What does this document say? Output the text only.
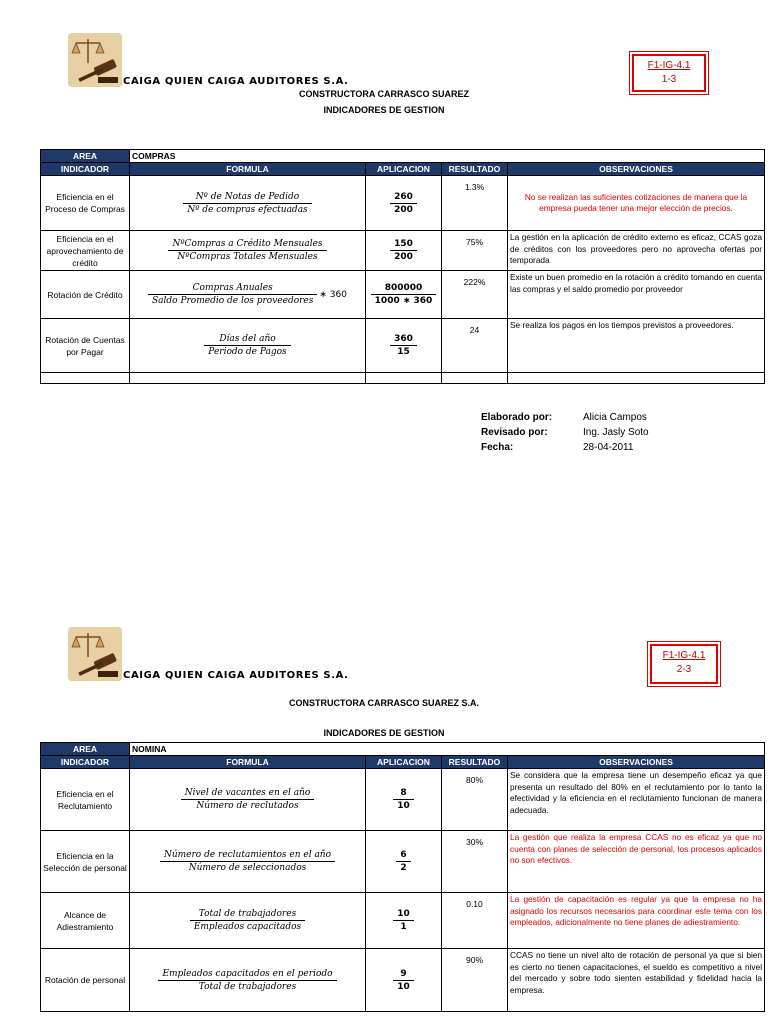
CAIGA QUIEN CAIGA AUDITORES S.A.
CONSTRUCTORA CARRASCO SUAREZ
INDICADORES DE GESTION
F1-IG-4.1
1-3
AREA	COMPRAS			
INDICADOR	FORMULA	APLICACION	RESULTADO	OBSERVACIONES
Eficiencia en el Proceso de Compras	$\frac{\text{Nº de Notas de Pedido}}{\text{Nº de compras efectuadas}}$	$\frac{260}{200}$	1.3%	No se realizan las suficientes cotizaciones de manera que la empresa pueda tener una mejor elección de precios.
Eficiencia en el aprovechamiento de crédito	$\frac{\text{NºCompras a Crédito Mensuales}}{\text{NºCompras Totales Mensuales}}$	$\frac{150}{200}$	75%	La gestión en la aplicación de crédito externo es eficaz, CCAS goza de créditos con los proveedores pero no aprovecha ofertas por temporada
Rotación de Crédito	$\frac{\text{Compras Anuales}}{\text{Saldo Promedio de los proveedores}}$ ∗ 360	$\frac{800000}{1000 ∗ 360}$	222%	Existe un buen promedio en la rotación a crédito tomando en cuenta las compras y el saldo promedio por proveedor
Rotación de Cuentas por Pagar	$\frac{\text{Días del año}}{\text{Periodo de Pagos}}$	$\frac{360}{15}$	24	Se realiza los pagos en los tiempos previstos a proveedores.

Elaborado por:	Alicia Campos
Revisado por:	Ing. Jasly Soto
Fecha:	28-04-2011
CAIGA QUIEN CAIGA AUDITORES S.A.
CONSTRUCTORA CARRASCO SUAREZ S.A.
INDICADORES DE GESTION
F1-IG-4.1
2-3
AREA	NOMINA			
INDICADOR	FORMULA	APLICACION	RESULTADO	OBSERVACIONES
Eficiencia en el Reclutamiento	$\frac{\text{Nivel de vacantes en el año}}{\text{Número de reclutados}}$	$\frac{8}{10}$	80%	Se considera que la empresa tiene un desempeño eficaz ya que presenta un resultado del 80% en el reclutamiento por lo tanto la efectividad y la eficiencia en el reclutamiento funcionan de manera adecuada.
Eficiencia en la Selección de personal	$\frac{\text{Número de reclutamientos en el año}}{\text{Número de seleccionados}}$	$\frac{6}{2}$	30%	La gestión que realiza la empresa CCAS no es eficaz ya que no cuenta con planes de selección de personal, los procesos aplicados no son efectivos.
Alcance de Adiestramiento	$\frac{\text{Total de trabajadores}}{\text{Empleados capacitados}}$	$\frac{10}{1}$	0.10	La gestión de capacitación es regular ya que la empresa no ha asignado los recursos necesarios para coordinar este tema con los empleados, adicionalmente no tiene planes de adiestramiento.
Rotación de personal	$\frac{\text{Empleados capacitados en el periodo}}{\text{Total de trabajadores}}$	$\frac{9}{10}$	90%	CCAS no tiene un nivel alto de rotación de personal ya que si bien es cierto no tienen capacitaciones, el sueldo es competitivo a nivel del mercado y sobre todo sienten estabilidad y fidelidad hacia la empresa.
